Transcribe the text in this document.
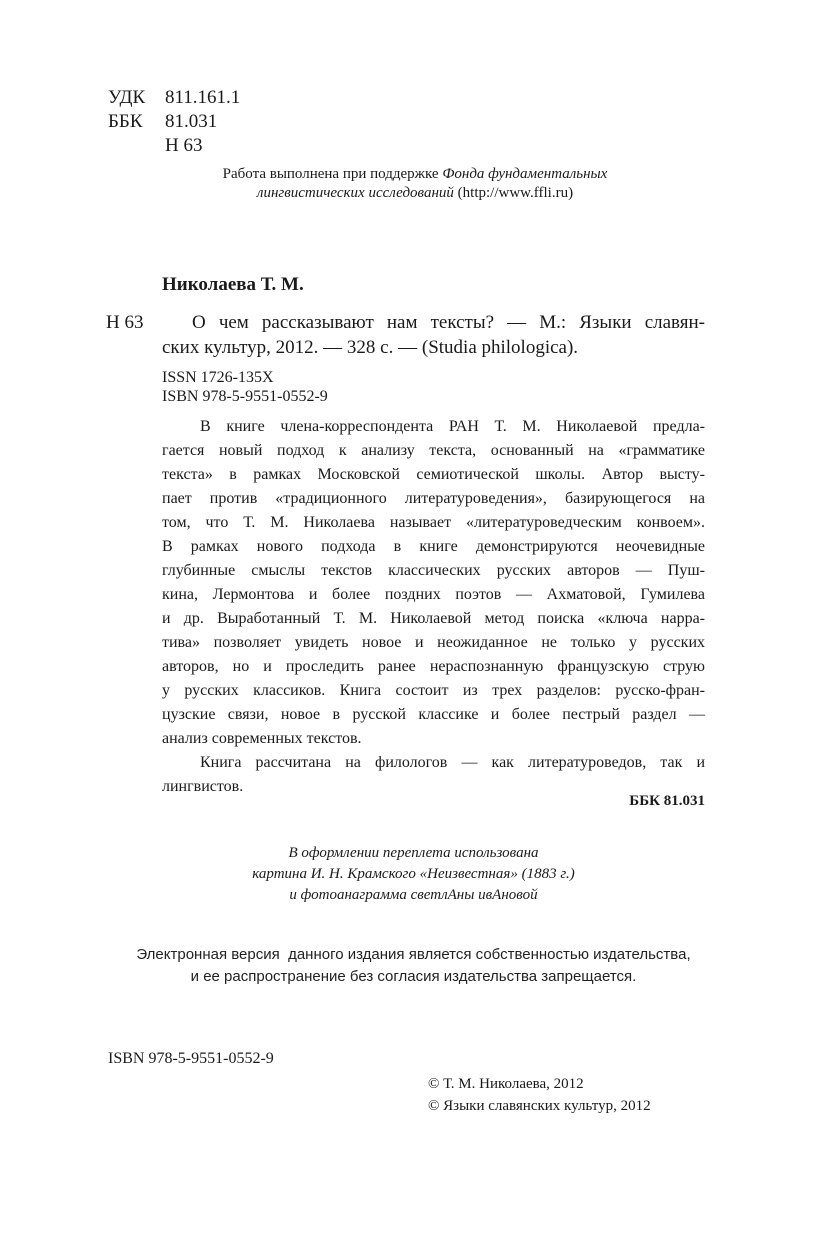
УДК	811.161.1
ББК	81.031
Н 63
Работа выполнена при поддержке Фонда фундаментальных
лингвистических исследований (http://www.ffli.ru)
Николаева Т. М.
Н 63	О чем рассказывают нам тексты? — М.: Языки славян-
ских культур, 2012. — 328 с. — (Studia philologica).
ISSN 1726-135X
ISBN 978-5-9551-0552-9
В книге члена-корреспондента РАН Т. М. Николаевой предла-
гается новый подход к анализу текста, основанный на «грамматике
текста» в рамках Московской семиотической школы. Автор высту-
пает против «традиционного литературоведения», базирующегося на
том, что Т. М. Николаева называет «литературоведческим конвоем».
В рамках нового подхода в книге демонстрируются неочевидные
глубинные смыслы текстов классических русских авторов — Пуш-
кина, Лермонтова и более поздних поэтов — Ахматовой, Гумилева
и др. Выработанный Т. М. Николаевой метод поиска «ключа нарра-
тива» позволяет увидеть новое и неожиданное не только у русских
авторов, но и проследить ранее нераспознанную французскую струю
у русских классиков. Книга состоит из трех разделов: русско-фран-
цузские связи, новое в русской классике и более пестрый раздел —
анализ современных текстов.
Книга рассчитана на филологов — как литературоведов, так и
лингвистов.
ББК 81.031
В оформлении переплета использована
картина И. Н. Крамского «Неизвестная» (1883 г.)
и фотоанаграмма светлАны ивАновой
Электронная версия  данного издания является собственностью издательства,
и ее распространение без согласия издательства запрещается.
ISBN 978-5-9551-0552-9
© Т. М. Николаева, 2012
© Языки славянских культур, 2012
